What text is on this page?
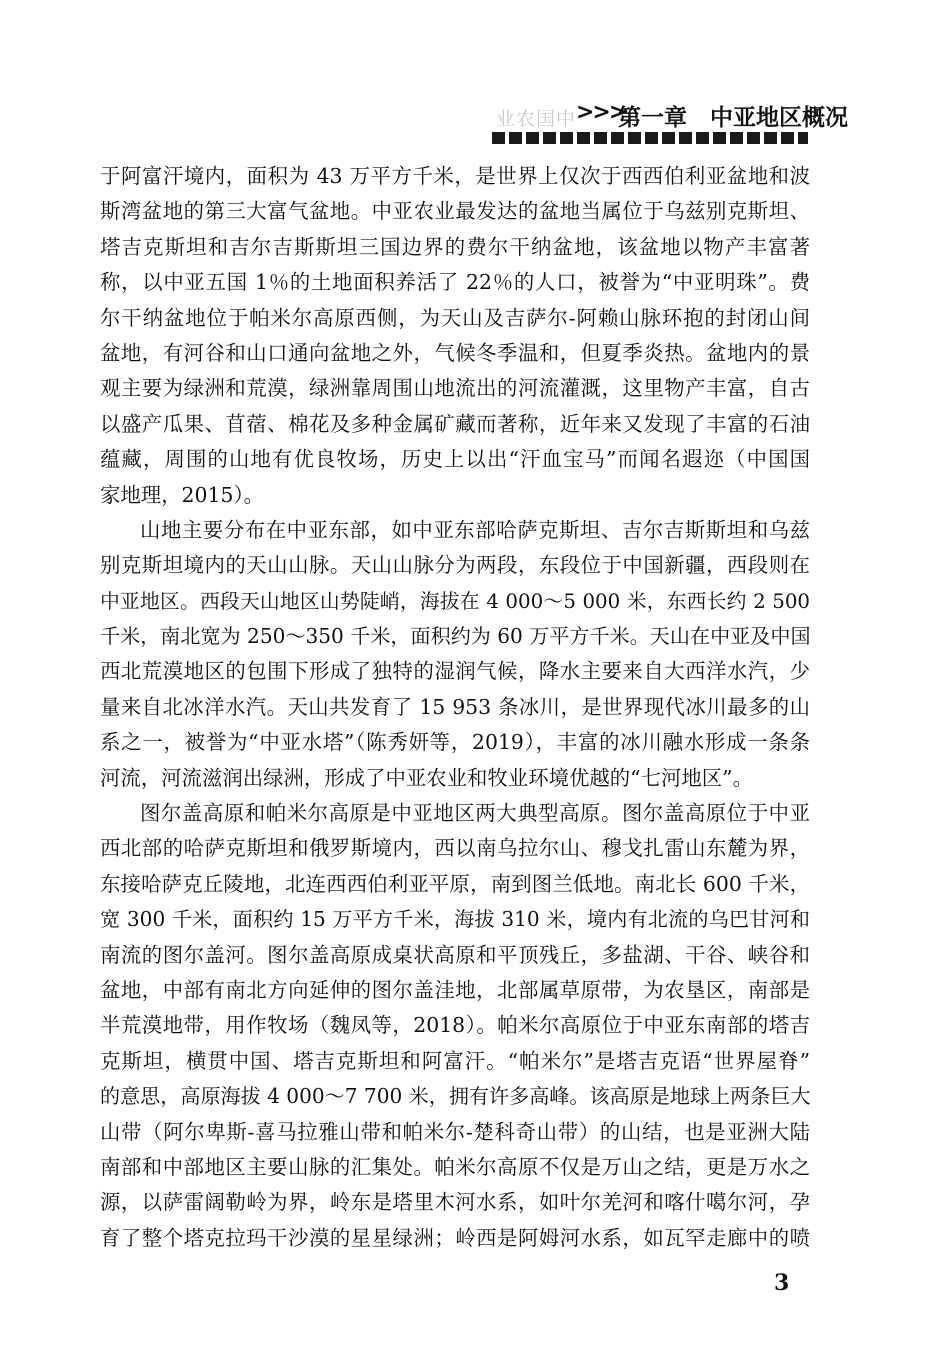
业农国中 >>>
第一章　中亚地区概况
于阿富汗境内，面积为 43 万平方千米，是世界上仅次于西西伯利亚盆地和波
斯湾盆地的第三大富气盆地。中亚农业最发达的盆地当属位于乌兹别克斯坦、
塔吉克斯坦和吉尔吉斯斯坦三国边界的费尔干纳盆地，该盆地以物产丰富著
称，以中亚五国 1％的土地面积养活了 22％的人口，被誉为“中亚明珠”。费
尔干纳盆地位于帕米尔高原西侧，为天山及吉萨尔-阿赖山脉环抱的封闭山间
盆地，有河谷和山口通向盆地之外，气候冬季温和，但夏季炎热。盆地内的景
观主要为绿洲和荒漠，绿洲靠周围山地流出的河流灌溉，这里物产丰富，自古
以盛产瓜果、苜蓿、棉花及多种金属矿藏而著称，近年来又发现了丰富的石油
蕴藏，周围的山地有优良牧场，历史上以出“汗血宝马”而闻名遐迩（中国国
家地理，2015）。
山地主要分布在中亚东部，如中亚东部哈萨克斯坦、吉尔吉斯斯坦和乌兹
别克斯坦境内的天山山脉。天山山脉分为两段，东段位于中国新疆，西段则在
中亚地区。西段天山地区山势陡峭，海拔在 4 000～5 000 米，东西长约 2 500
千米，南北宽为 250～350 千米，面积约为 60 万平方千米。天山在中亚及中国
西北荒漠地区的包围下形成了独特的湿润气候，降水主要来自大西洋水汽，少
量来自北冰洋水汽。天山共发育了 15 953 条冰川，是世界现代冰川最多的山
系之一，被誉为“中亚水塔”（陈秀妍等，2019），丰富的冰川融水形成一条条
河流，河流滋润出绿洲，形成了中亚农业和牧业环境优越的“七河地区”。
图尔盖高原和帕米尔高原是中亚地区两大典型高原。图尔盖高原位于中亚
西北部的哈萨克斯坦和俄罗斯境内，西以南乌拉尔山、穆戈扎雷山东麓为界，
东接哈萨克丘陵地，北连西西伯利亚平原，南到图兰低地。南北长 600 千米，
宽 300 千米，面积约 15 万平方千米，海拔 310 米，境内有北流的乌巴甘河和
南流的图尔盖河。图尔盖高原成桌状高原和平顶残丘，多盐湖、干谷、峡谷和
盆地，中部有南北方向延伸的图尔盖洼地，北部属草原带，为农垦区，南部是
半荒漠地带，用作牧场（魏凤等，2018）。帕米尔高原位于中亚东南部的塔吉
克斯坦，横贯中国、塔吉克斯坦和阿富汗。“帕米尔”是塔吉克语“世界屋脊”
的意思，高原海拔 4 000～7 700 米，拥有许多高峰。该高原是地球上两条巨大
山带（阿尔卑斯-喜马拉雅山带和帕米尔-楚科奇山带）的山结，也是亚洲大陆
南部和中部地区主要山脉的汇集处。帕米尔高原不仅是万山之结，更是万水之
源，以萨雷阔勒岭为界，岭东是塔里木河水系，如叶尔羌河和喀什噶尔河，孕
育了整个塔克拉玛干沙漠的星星绿洲；岭西是阿姆河水系，如瓦罕走廊中的喷
3
